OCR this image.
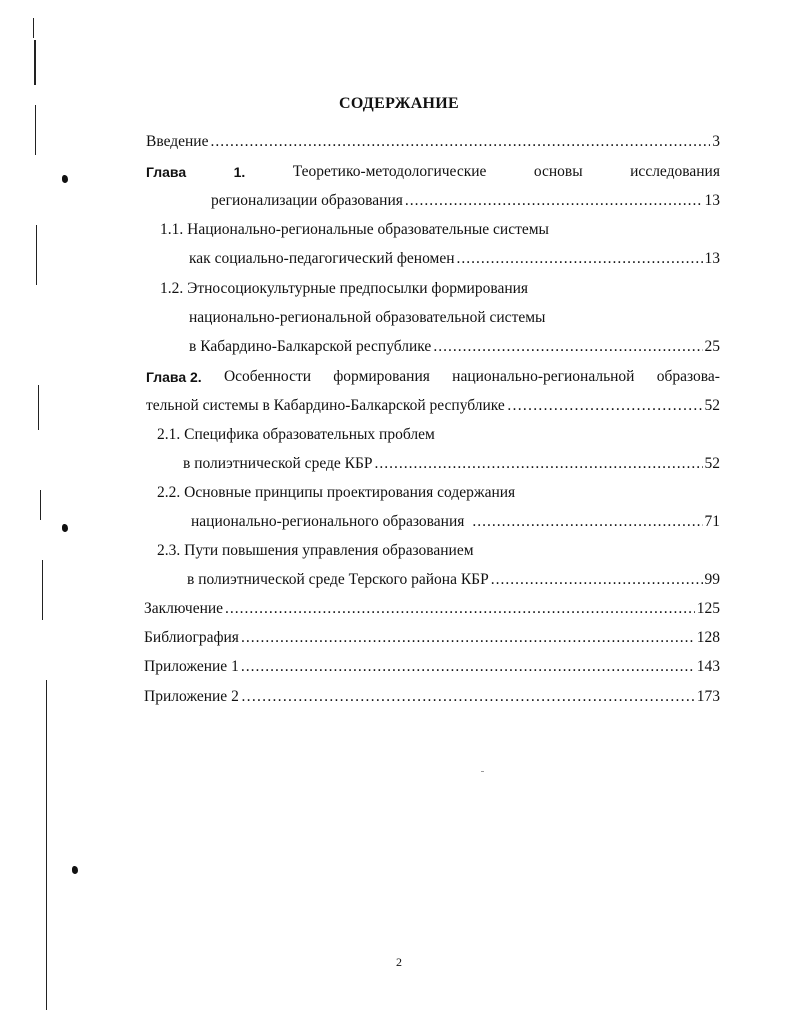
СОДЕРЖАНИЕ
Введение .....	3
Глава	1.	Теоретико-методологические	основы	исследования
регионализации образования .....	13
1.1. Национально-региональные образовательные системы
как социально-педагогический феномен .....	13
1.2. Этносоциокультурные предпосылки формирования
национально-региональной образовательной системы
в Кабардино-Балкарской республике .....	25
Глава 2. Особенности формирования национально-региональной образова-
тельной системы в Кабардино-Балкарской республике …………………………………………………………………………………………………………………………	52
2.1. Специфика образовательных проблем
в полиэтнической среде КБР .....	52
2.2. Основные принципы проектирования содержания
национально-регионального образования .....	71
2.3. Пути повышения управления образованием
в полиэтнической среде Терского района КБР .....	99
Заключение .....	125
Библиография .....	128
Приложение 1 .....	143
Приложение 2 …………………………………………………………………………………………………………………………	173
2
